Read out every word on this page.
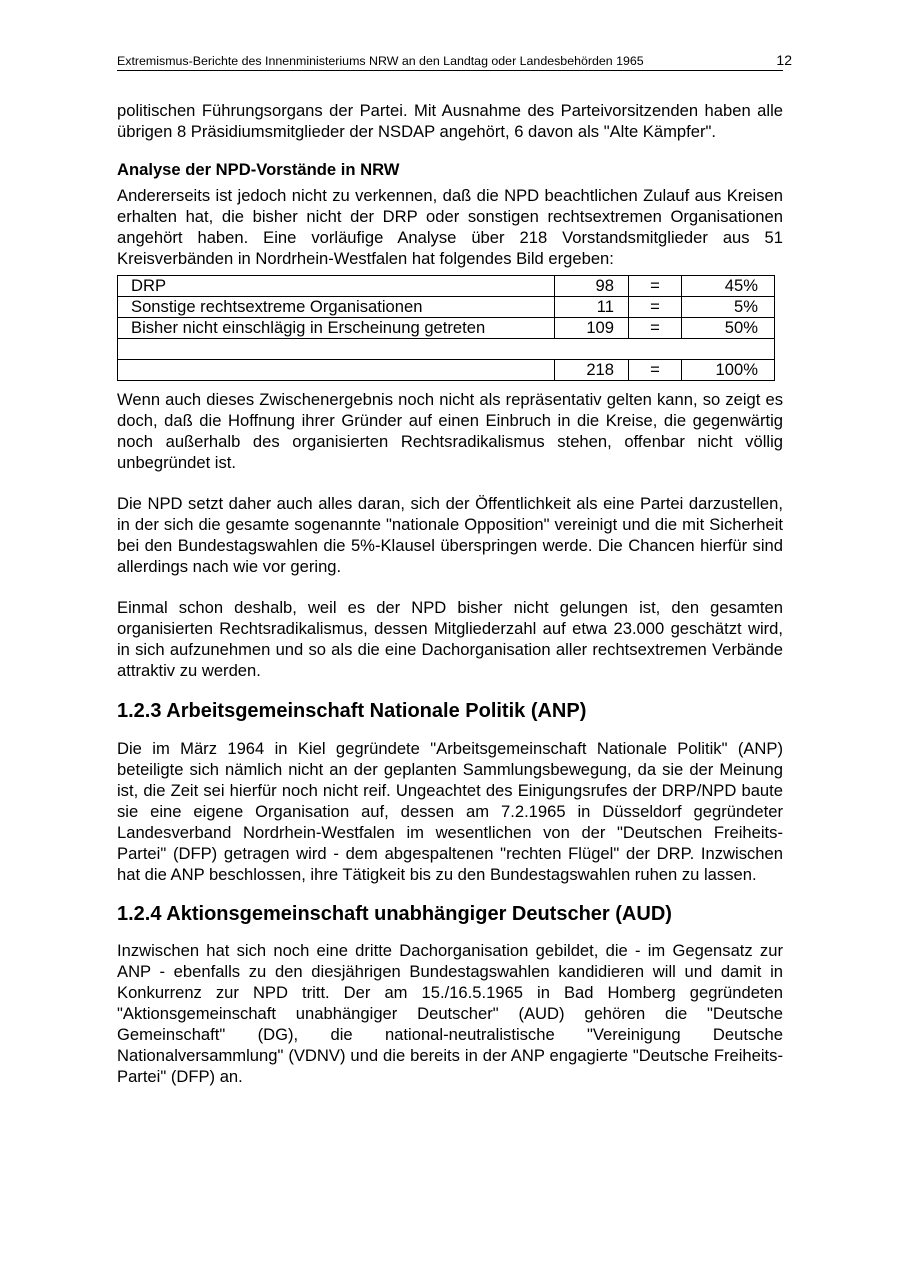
Extremismus-Berichte des Innenministeriums NRW an den Landtag oder Landesbehörden 1965	12

politischen Führungsorgans der Partei. Mit Ausnahme des Parteivorsitzenden haben alle übrigen 8 Präsidiumsmitglieder der NSDAP angehört, 6 davon als "Alte Kämpfer".

Analyse der NPD-Vorstände in NRW

Andererseits ist jedoch nicht zu verkennen, daß die NPD beachtlichen Zulauf aus Kreisen erhalten hat, die bisher nicht der DRP oder sonstigen rechtsextremen Organisationen angehört haben. Eine vorläufige Analyse über 218 Vorstandsmitglieder aus 51 Kreisverbänden in Nordrhein-Westfalen hat folgendes Bild ergeben:

DRP	98	=	45%
Sonstige rechtsextreme Organisationen	11	=	5%
Bisher nicht einschlägig in Erscheinung getreten	109	=	50%

	218	=	100%

Wenn auch dieses Zwischenergebnis noch nicht als repräsentativ gelten kann, so zeigt es doch, daß die Hoffnung ihrer Gründer auf einen Einbruch in die Kreise, die gegenwärtig noch außerhalb des organisierten Rechtsradikalismus stehen, offenbar nicht völlig unbegründet ist.

Die NPD setzt daher auch alles daran, sich der Öffentlichkeit als eine Partei darzustellen, in der sich die gesamte sogenannte "nationale Opposition" vereinigt und die mit Sicherheit bei den Bundestagswahlen die 5%-Klausel überspringen werde. Die Chancen hierfür sind allerdings nach wie vor gering.

Einmal schon deshalb, weil es der NPD bisher nicht gelungen ist, den gesamten organisierten Rechtsradikalismus, dessen Mitgliederzahl auf etwa 23.000 geschätzt wird, in sich aufzunehmen und so als die eine Dachorganisation aller rechtsextremen Verbände attraktiv zu werden.

1.2.3 Arbeitsgemeinschaft Nationale Politik (ANP)

Die im März 1964 in Kiel gegründete "Arbeitsgemeinschaft Nationale Politik" (ANP) beteiligte sich nämlich nicht an der geplanten Sammlungsbewegung, da sie der Meinung ist, die Zeit sei hierfür noch nicht reif. Ungeachtet des Einigungsrufes der DRP/NPD baute sie eine eigene Organisation auf, dessen am 7.2.1965 in Düsseldorf gegründeter Landesverband Nordrhein-Westfalen im wesentlichen von der "Deutschen Freiheits-Partei" (DFP) getragen wird - dem abgespaltenen "rechten Flügel" der DRP. Inzwischen hat die ANP beschlossen, ihre Tätigkeit bis zu den Bundestagswahlen ruhen zu lassen.

1.2.4 Aktionsgemeinschaft unabhängiger Deutscher (AUD)

Inzwischen hat sich noch eine dritte Dachorganisation gebildet, die - im Gegensatz zur ANP - ebenfalls zu den diesjährigen Bundestagswahlen kandidieren will und damit in Konkurrenz zur NPD tritt. Der am 15./16.5.1965 in Bad Homberg gegründeten "Aktionsgemeinschaft unabhängiger Deutscher" (AUD) gehören die "Deutsche Gemeinschaft" (DG), die national-neutralistische "Vereinigung Deutsche Nationalversammlung" (VDNV) und die bereits in der ANP engagierte "Deutsche Freiheits-Partei" (DFP) an.
